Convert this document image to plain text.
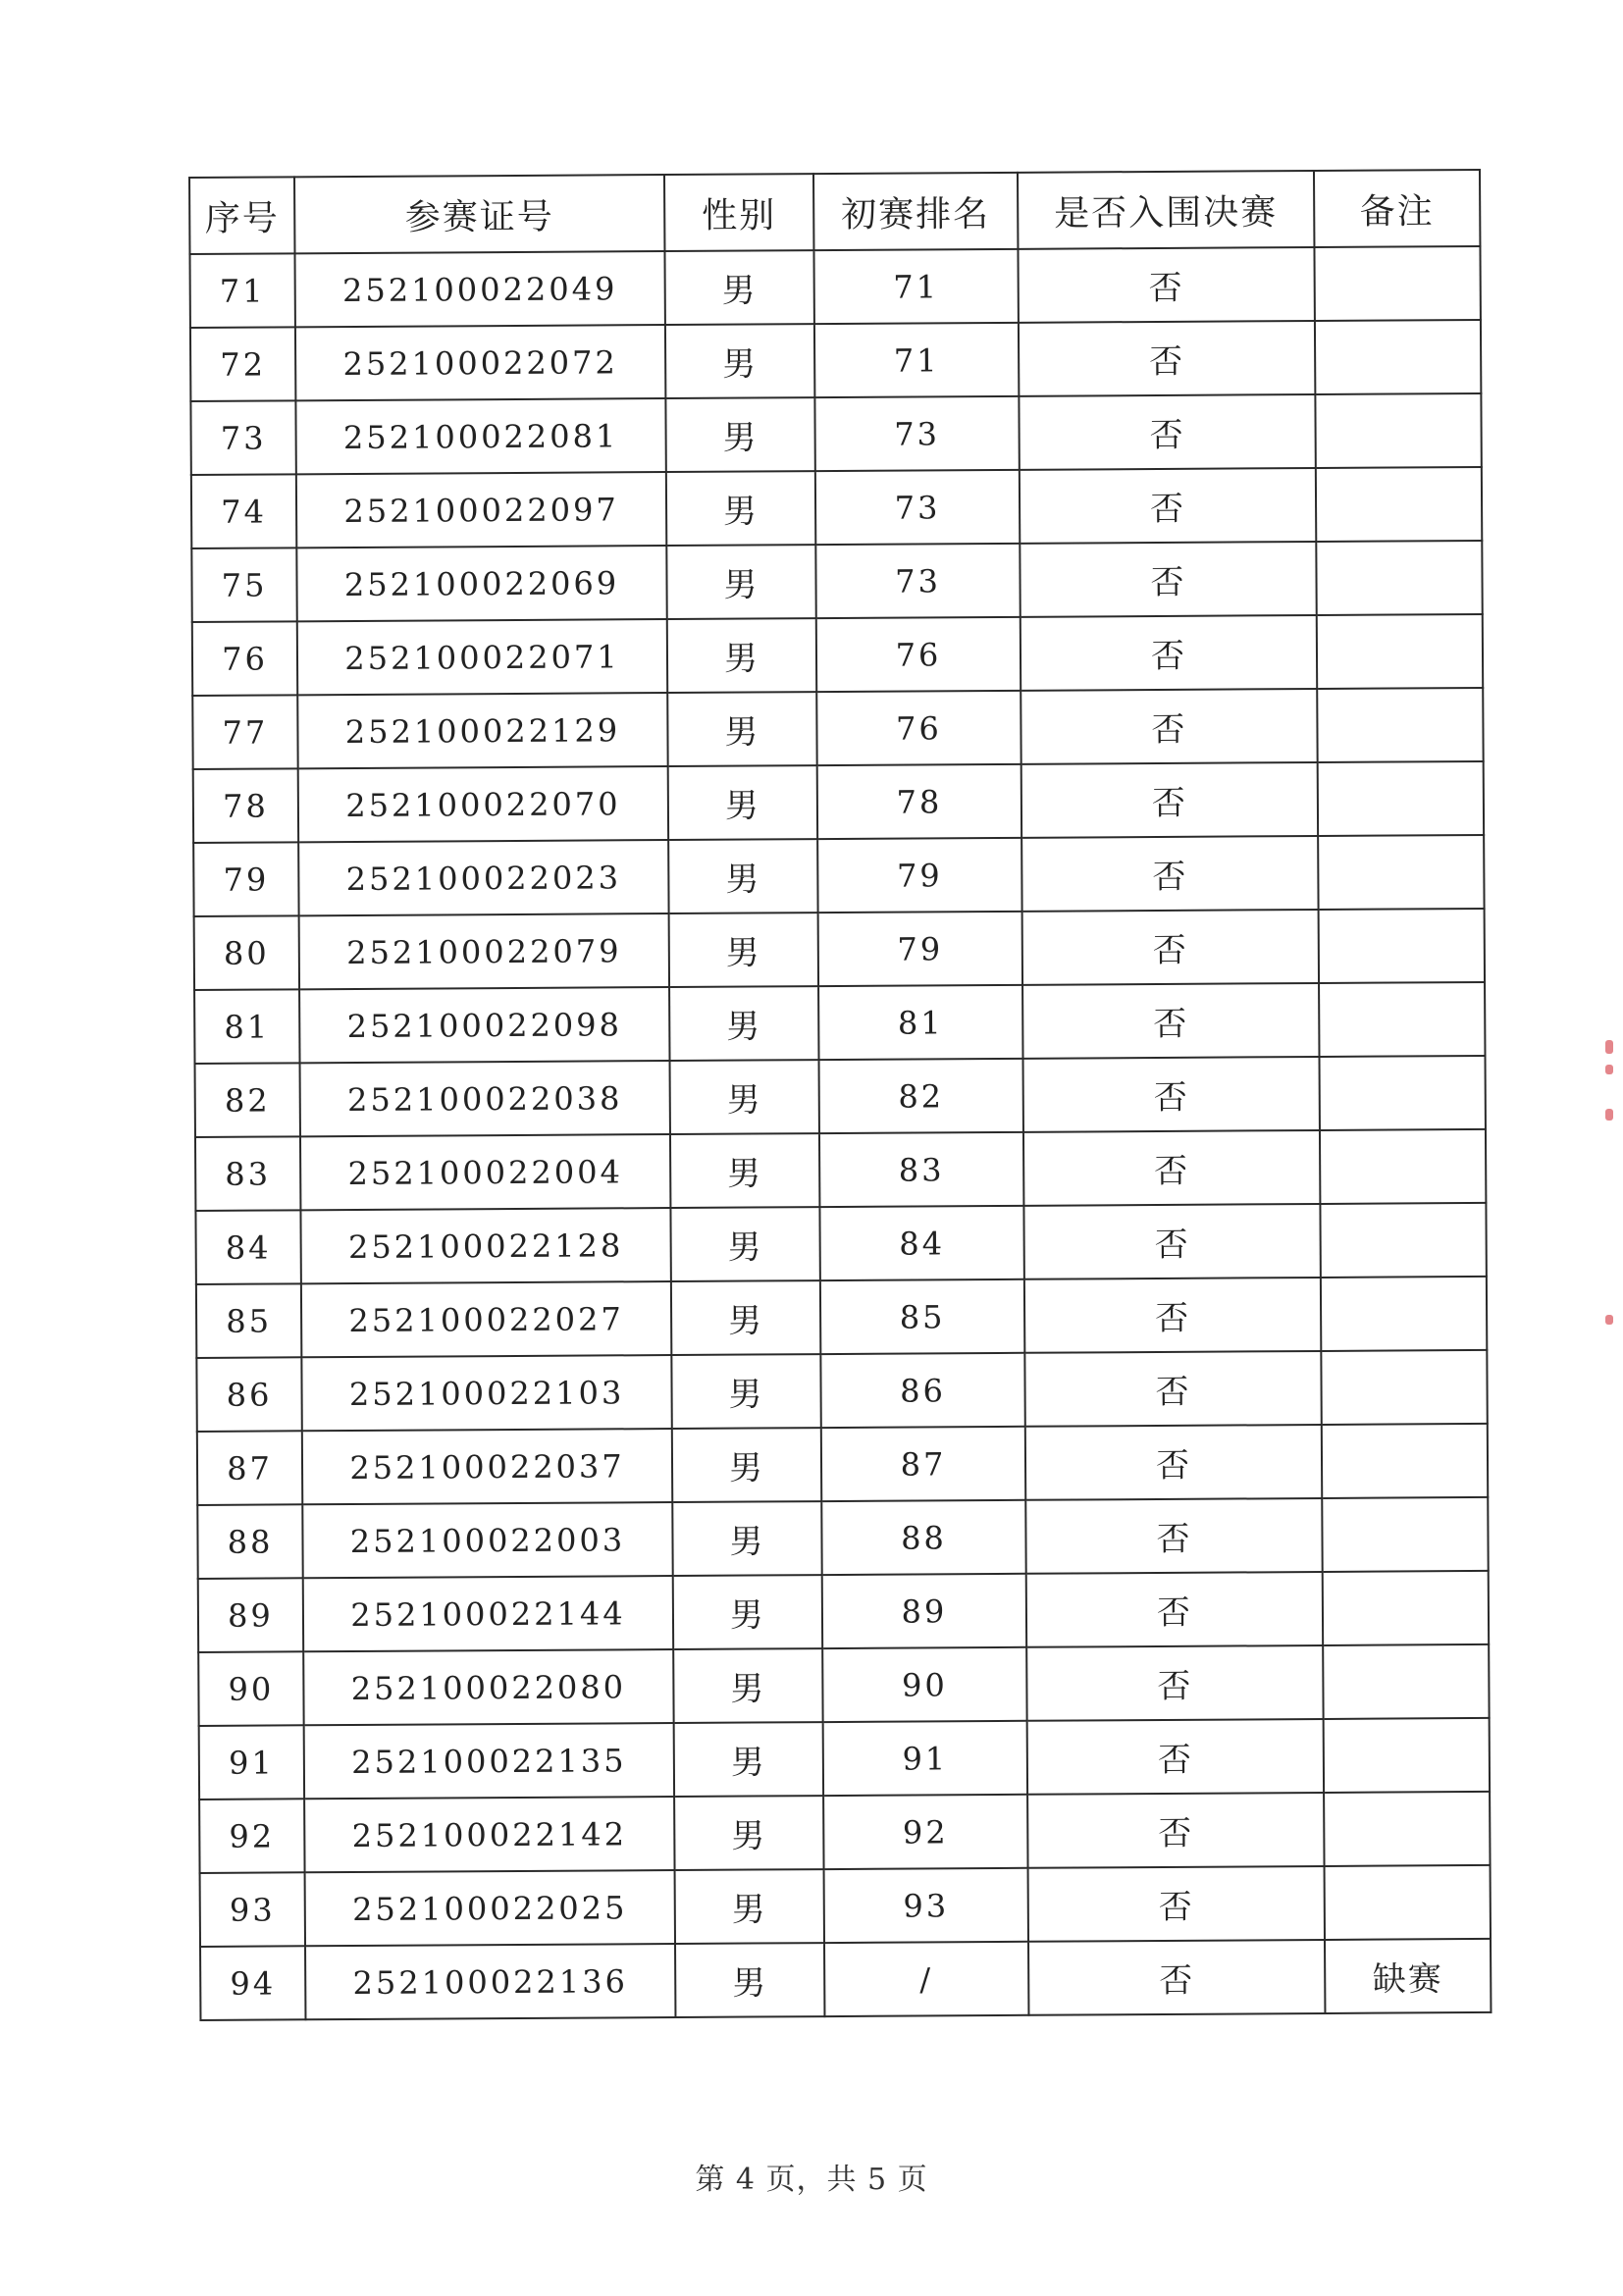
序号	参赛证号	性别	初赛排名	是否入围决赛	备注
71	252100022049	男	71	否	
72	252100022072	男	71	否	
73	252100022081	男	73	否	
74	252100022097	男	73	否	
75	252100022069	男	73	否	
76	252100022071	男	76	否	
77	252100022129	男	76	否	
78	252100022070	男	78	否	
79	252100022023	男	79	否	
80	252100022079	男	79	否	
81	252100022098	男	81	否	
82	252100022038	男	82	否	
83	252100022004	男	83	否	
84	252100022128	男	84	否	
85	252100022027	男	85	否	
86	252100022103	男	86	否	
87	252100022037	男	87	否	
88	252100022003	男	88	否	
89	252100022144	男	89	否	
90	252100022080	男	90	否	
91	252100022135	男	91	否	
92	252100022142	男	92	否	
93	252100022025	男	93	否	
94	252100022136	男	/	否	缺赛
第 4 页，共 5 页
